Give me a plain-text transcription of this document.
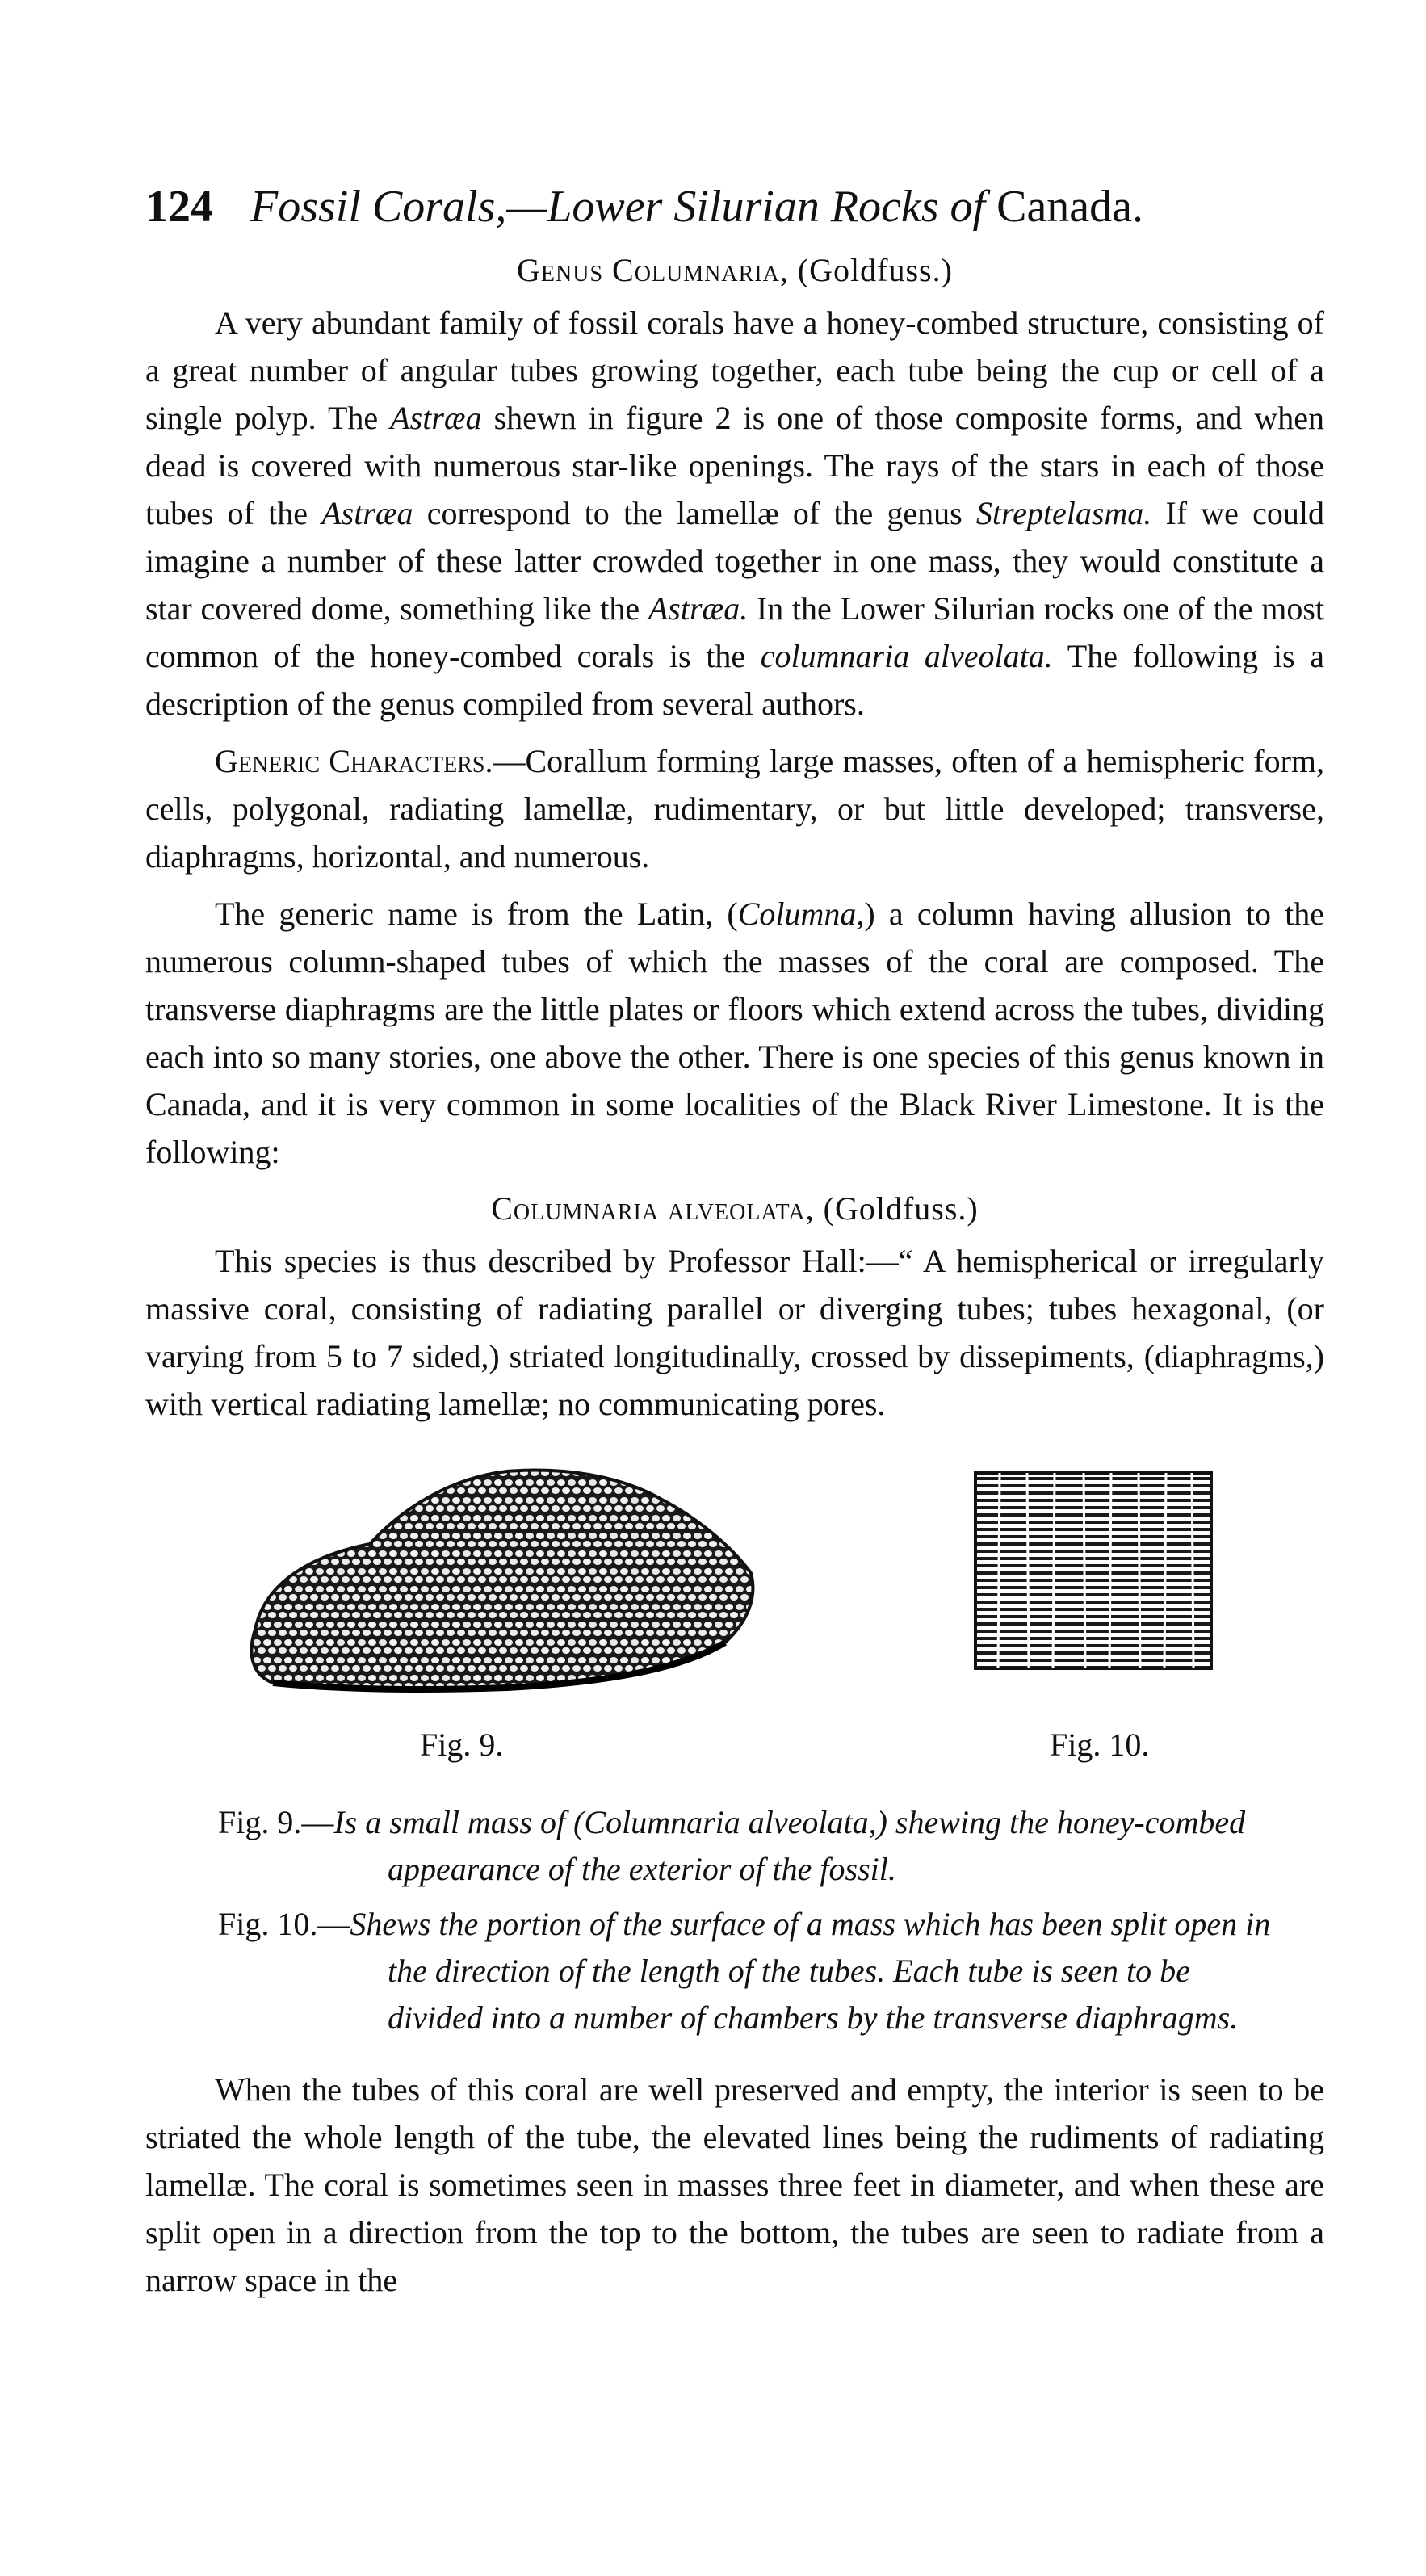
124 Fossil Corals,—Lower Silurian Rocks of Canada.
Genus Columnaria, (Goldfuss.)

A very abundant family of fossil corals have a honey-combed structure, consisting of a great number of angular tubes growing together, each tube being the cup or cell of a single polyp. The Astræa shewn in figure 2 is one of those composite forms, and when dead is covered with numerous star-like openings. The rays of the stars in each of those tubes of the Astræa correspond to the lamellæ of the genus Streptelasma. If we could imagine a number of these latter crowded together in one mass, they would constitute a star covered dome, something like the Astræa. In the Lower Silurian rocks one of the most common of the honey-combed corals is the columnaria alveolata. The following is a description of the genus compiled from several authors.

Generic Characters.—Corallum forming large masses, often of a hemispheric form, cells, polygonal, radiating lamellæ, rudimentary, or but little developed; transverse, diaphragms, horizontal, and numerous.

The generic name is from the Latin, (Columna,) a column having allusion to the numerous column-shaped tubes of which the masses of the coral are composed. The transverse diaphragms are the little plates or floors which extend across the tubes, dividing each into so many stories, one above the other. There is one species of this genus known in Canada, and it is very common in some localities of the Black River Limestone. It is the following:

Columnaria alveolata, (Goldfuss.)

This species is thus described by Professor Hall:—“ A hemispherical or irregularly massive coral, consisting of radiating parallel or diverging tubes; tubes hexagonal, (or varying from 5 to 7 sided,) striated longitudinally, crossed by dissepiments, (diaphragms,) with vertical radiating lamellæ; no communicating pores.

Fig. 9.	Fig. 10.
Fig. 9.—Is a small mass of (Columnaria alveolata,) shewing the honey-combed appearance of the exterior of the fossil.
Fig. 10.—Shews the portion of the surface of a mass which has been split open in the direction of the length of the tubes. Each tube is seen to be divided into a number of chambers by the transverse diaphragms.

When the tubes of this coral are well preserved and empty, the interior is seen to be striated the whole length of the tube, the elevated lines being the rudiments of radiating lamellæ. The coral is sometimes seen in masses three feet in diameter, and when these are split open in a direction from the top to the bottom, the tubes are seen to radiate from a narrow space in the
